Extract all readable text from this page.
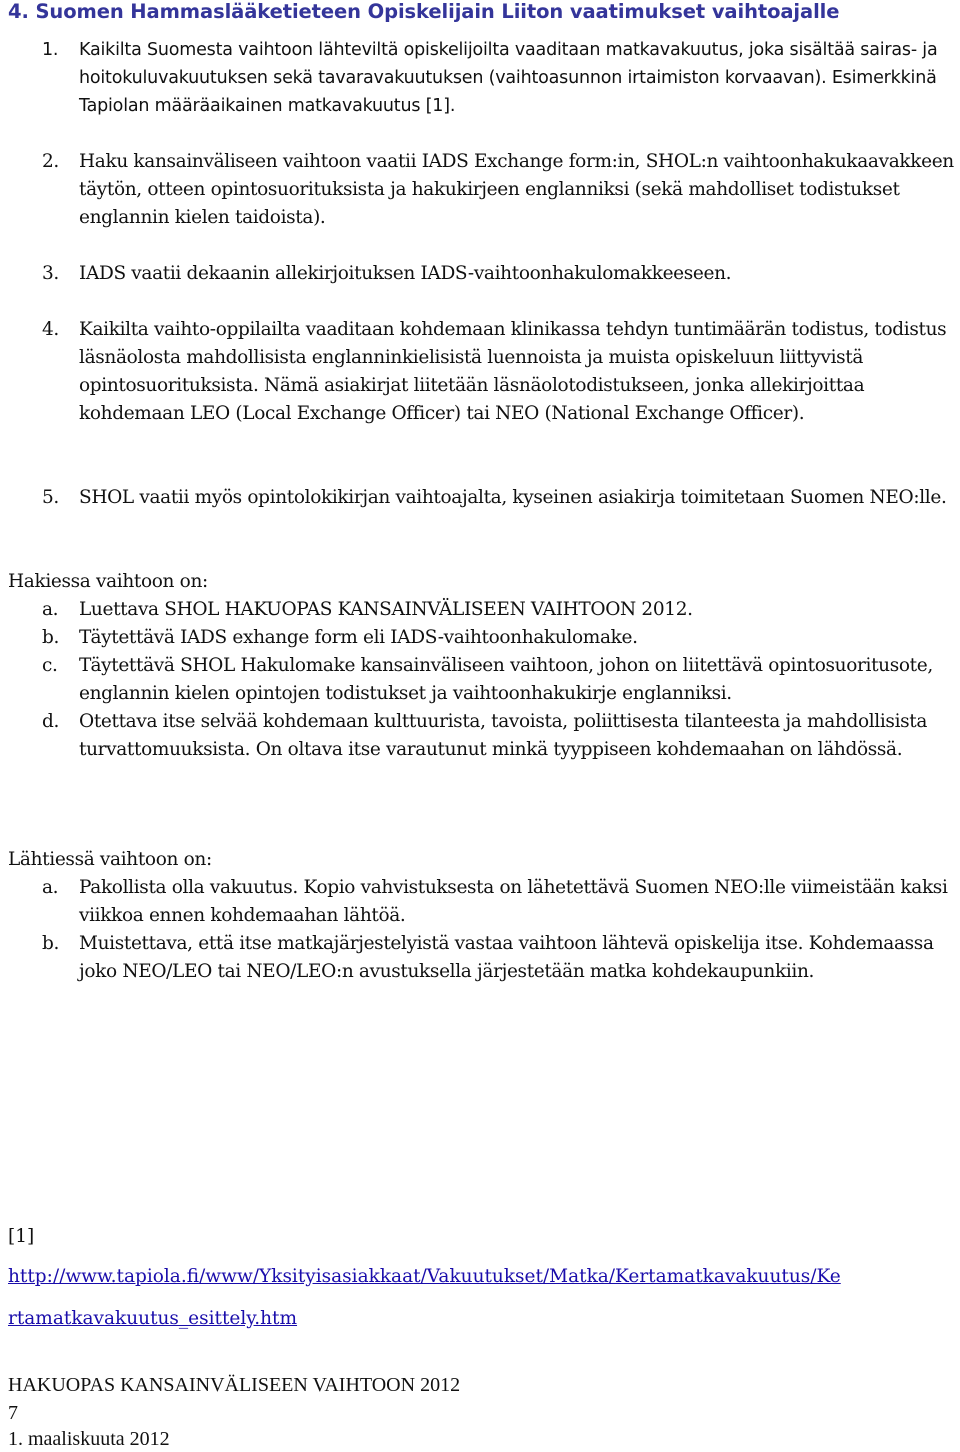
4. Suomen Hammaslääketieteen Opiskelijain Liiton vaatimukset vaihtoajalle
1. Kaikilta Suomesta vaihtoon lähteviltä opiskelijoilta vaaditaan matkavakuutus, joka sisältää sairas- ja hoitokuluvakuutuksen sekä tavaravakuutuksen (vaihtoasunnon irtaimiston korvaavan). Esimerkkinä Tapiolan määräaikainen matkavakuutus [1].
2. Haku kansainväliseen vaihtoon vaatii IADS Exchange form:in, SHOL:n vaihtoonhakukaavakkeen täytön, otteen opintosuorituksista ja hakukirjeen englanniksi (sekä mahdolliset todistukset englannin kielen taidoista).
3. IADS vaatii dekaanin allekirjoituksen IADS-vaihtoonhakulomakkeeseen.
4. Kaikilta vaihto-oppilailta vaaditaan kohdemaan klinikassa tehdyn tuntimäärän todistus, todistus läsnäolosta mahdollisista englanninkielisistä luennoista ja muista opiskeluun liittyvistä opintosuorituksista. Nämä asiakirjat liitetään läsnäolotodistukseen, jonka allekirjoittaa kohdemaan LEO (Local Exchange Officer) tai NEO (National Exchange Officer).
5. SHOL vaatii myös opintolokikirjan vaihtoajalta, kyseinen asiakirja toimitetaan Suomen NEO:lle.
Hakiessa vaihtoon on:
a. Luettava SHOL HAKUOPAS KANSAINVÄLISEEN VAIHTOON 2012.
b. Täytettävä IADS exhange form eli IADS-vaihtoonhakulomake.
c. Täytettävä SHOL Hakulomake kansainväliseen vaihtoon, johon on liitettävä opintosuoritusote, englannin kielen opintojen todistukset ja vaihtoonhakukirje englanniksi.
d. Otettava itse selvää kohdemaan kulttuurista, tavoista, poliittisesta tilanteesta ja mahdollisista turvattomuuksista. On oltava itse varautunut minkä tyyppiseen kohdemaahan on lähdössä.
Lähtiessä vaihtoon on:
a. Pakollista olla vakuutus. Kopio vahvistuksesta on lähetettävä Suomen NEO:lle viimeistään kaksi viikkoa ennen kohdemaahan lähtöä.
b. Muistettava, että itse matkajärjestelyistä vastaa vaihtoon lähtevä opiskelija itse. Kohdemaassa joko NEO/LEO tai NEO/LEO:n avustuksella järjestetään matka kohdekaupunkiin.
[1]
http://www.tapiola.fi/www/Yksityisasiakkaat/Vakuutukset/Matka/Kertamatkavakuutus/Ke
rtamatkavakuutus_esittely.htm
HAKUOPAS KANSAINVÄLISEEN VAIHTOON 2012
7
1. maaliskuuta 2012
